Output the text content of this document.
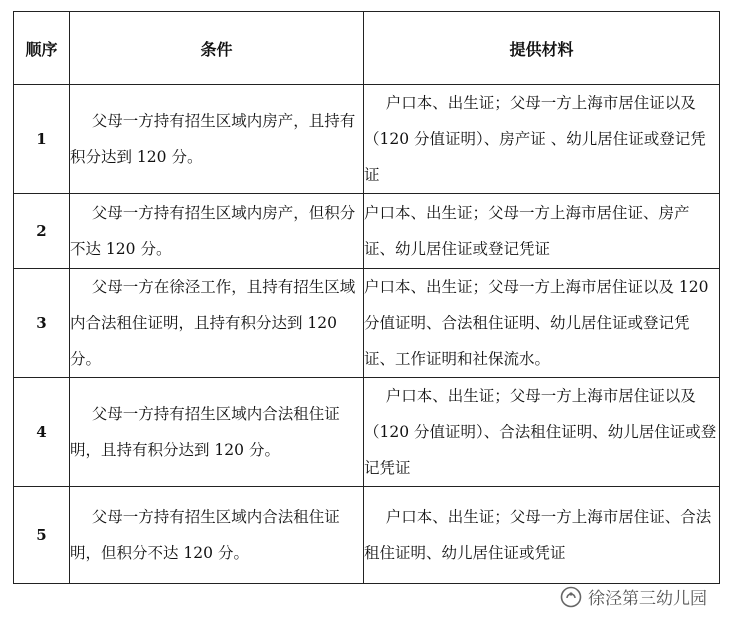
顺序	条件	提供材料
1	父母一方持有招生区域内房产，且持有积分达到 120 分。	户口本、出生证；父母一方上海市居住证以及（120 分值证明）、房产证 、幼儿居住证或登记凭证

2	父母一方持有招生区域内房产，但积分不达 120 分。	户口本、出生证；父母一方上海市居住证、房产证、幼儿居住证或登记凭证

3	父母一方在徐泾工作，且持有招生区域内合法租住证明，且持有积分达到 120 分。	户口本、出生证；父母一方上海市居住证以及 120 分值证明、合法租住证明、幼儿居住证或登记凭证、工作证明和社保流水。

4	父母一方持有招生区域内合法租住证明，且持有积分达到 120 分。	户口本、出生证；父母一方上海市居住证以及（120 分值证明）、合法租住证明、幼儿居住证或登记凭证

5	父母一方持有招生区域内合法租住证明，但积分不达 120 分。	户口本、出生证；父母一方上海市居住证、合法租住证明、幼儿居住证或凭证
徐泾第三幼儿园
